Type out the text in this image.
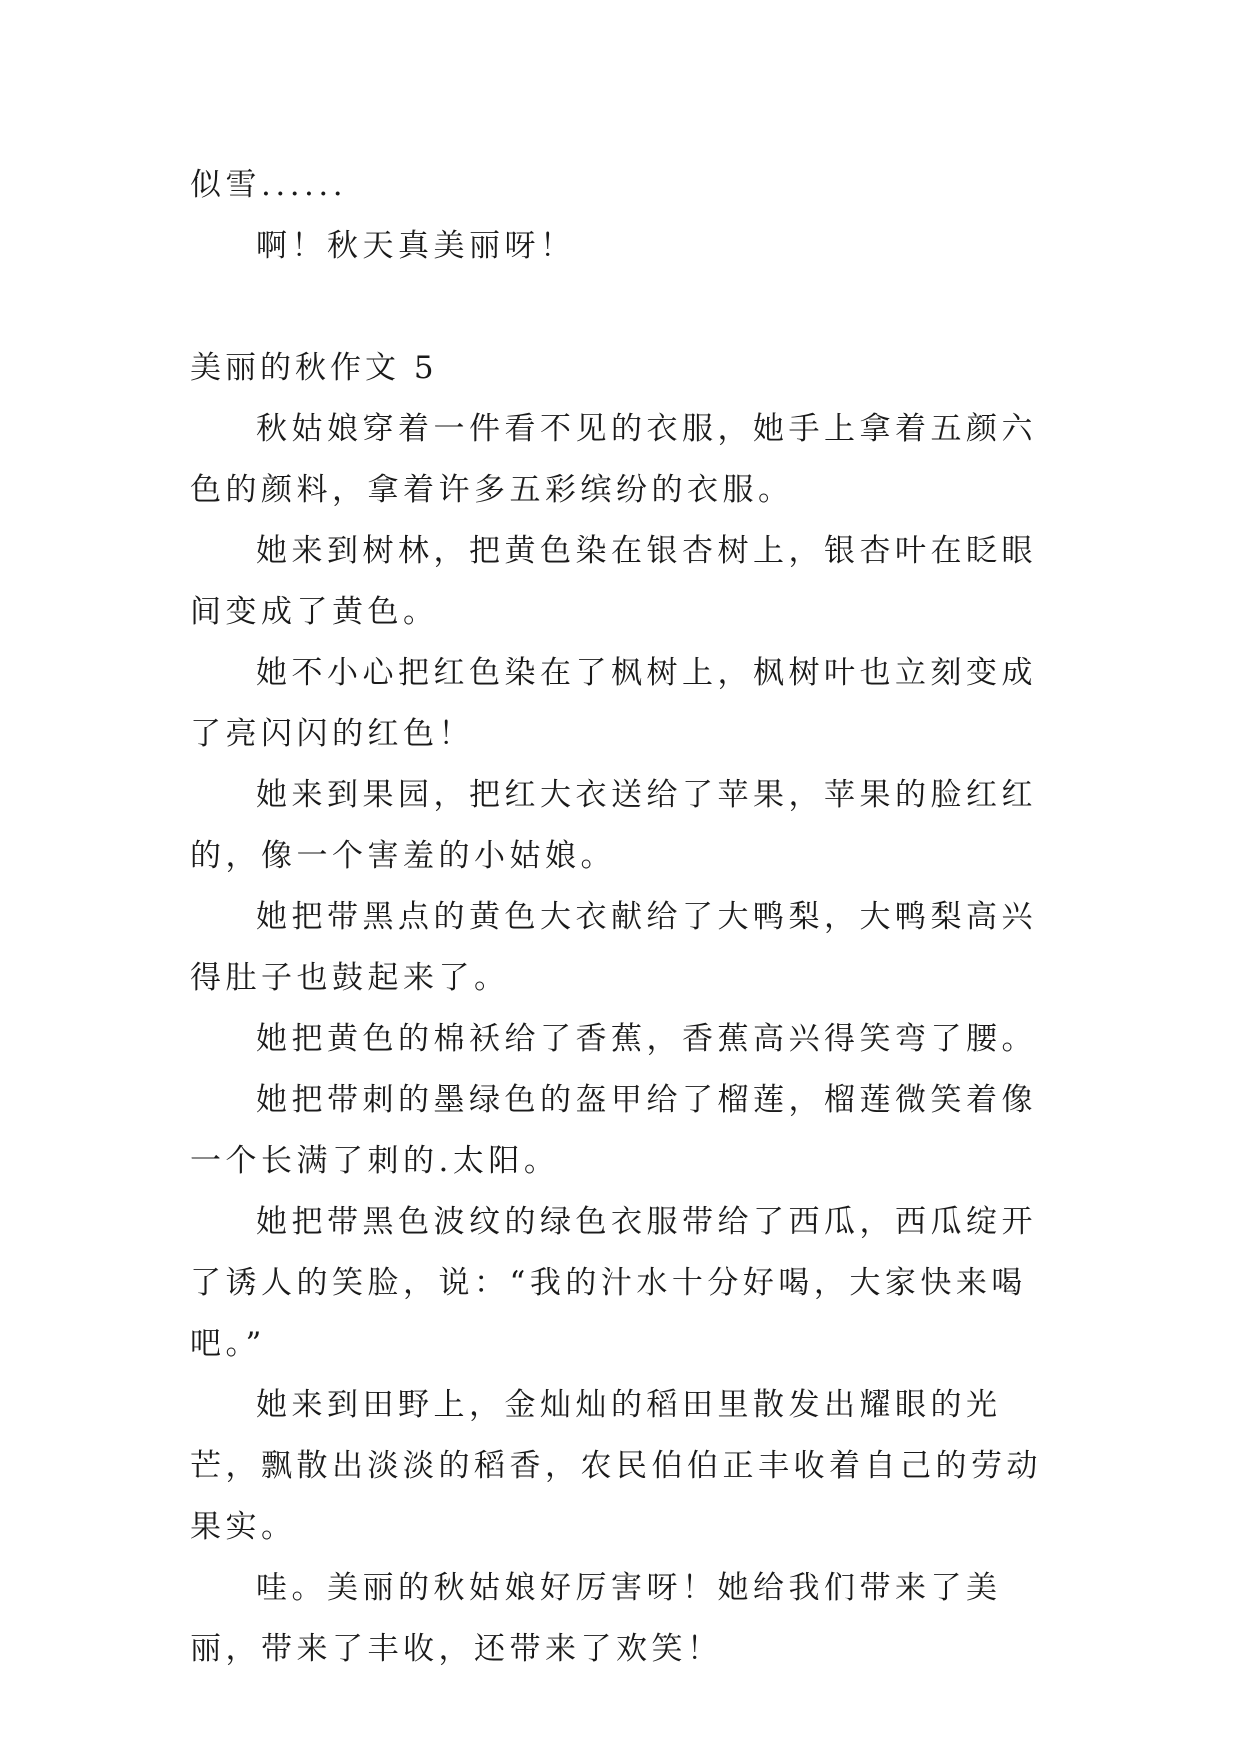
似雪......

啊！秋天真美丽呀！

美丽的秋作文 5

秋姑娘穿着一件看不见的衣服，她手上拿着五颜六色的颜料，拿着许多五彩缤纷的衣服。

她来到树林，把黄色染在银杏树上，银杏叶在眨眼间变成了黄色。

她不小心把红色染在了枫树上，枫树叶也立刻变成了亮闪闪的红色！

她来到果园，把红大衣送给了苹果，苹果的脸红红的，像一个害羞的小姑娘。

她把带黑点的黄色大衣献给了大鸭梨，大鸭梨高兴得肚子也鼓起来了。

她把黄色的棉袄给了香蕉，香蕉高兴得笑弯了腰。

她把带刺的墨绿色的盔甲给了榴莲，榴莲微笑着像一个长满了刺的.太阳。

她把带黑色波纹的绿色衣服带给了西瓜，西瓜绽开了诱人的笑脸，说：“我的汁水十分好喝，大家快来喝吧。”

她来到田野上，金灿灿的稻田里散发出耀眼的光芒，飘散出淡淡的稻香，农民伯伯正丰收着自己的劳动果实。

哇。美丽的秋姑娘好厉害呀！她给我们带来了美丽，带来了丰收，还带来了欢笑！
